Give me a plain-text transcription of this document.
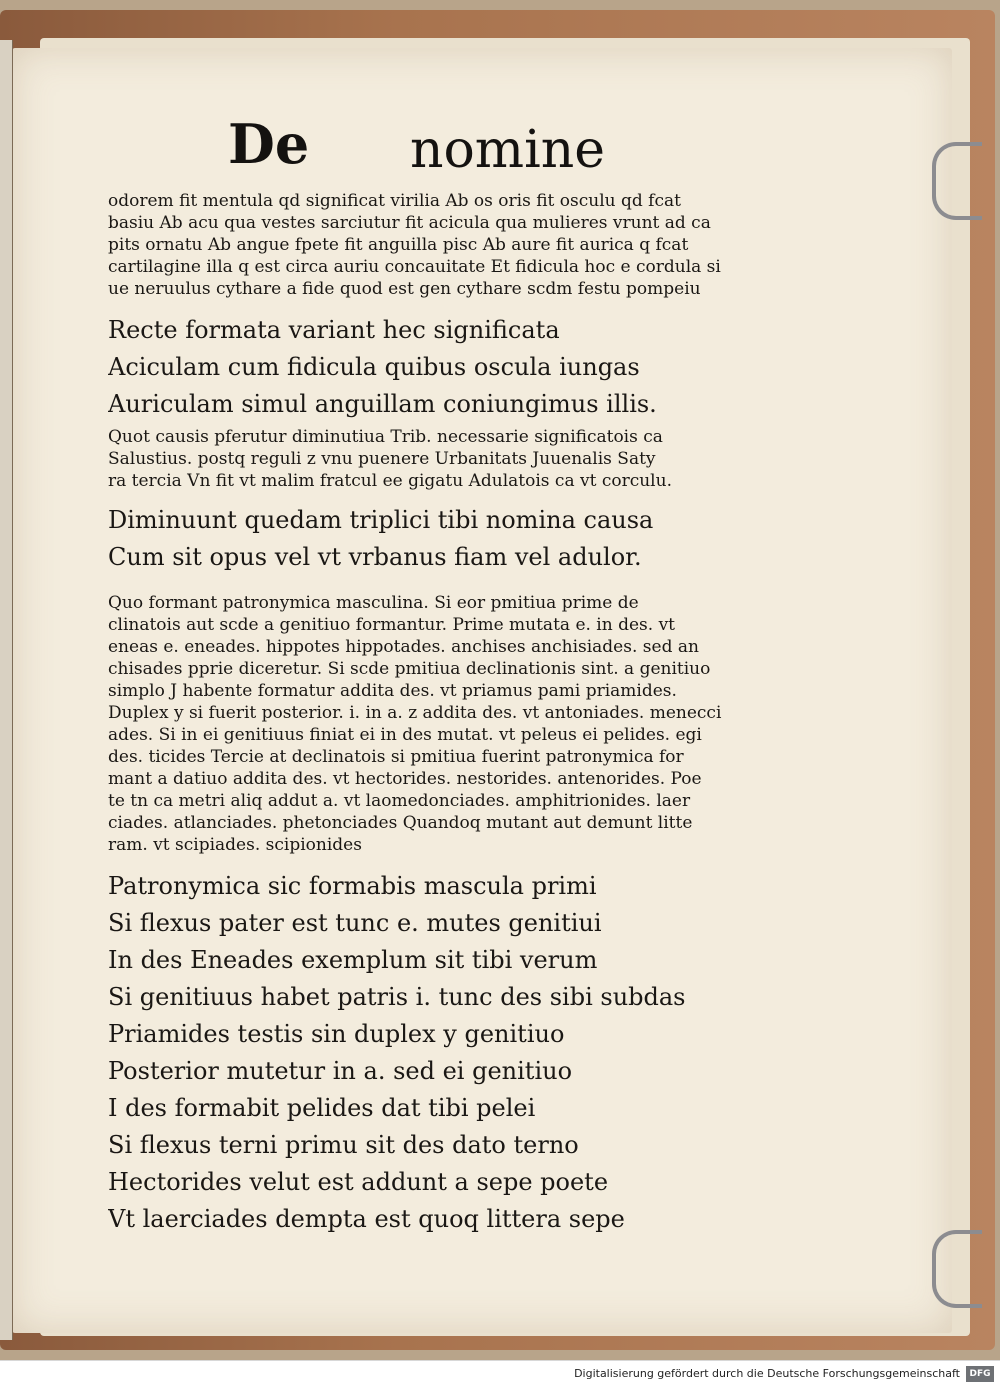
De nomine
odorem fit mentula qd significat virilia Ab os oris fit osculu qd fcat
basiu Ab acu qua vestes sarciutur fit acicula qua mulieres vrunt ad ca
pits ornatu Ab angue fpete fit anguilla pisc Ab aure fit aurica q fcat
cartilagine illa q est circa auriu concauitate Et fidicula hoc e cordula si
ue neruulus cythare a fide quod est gen cythare scdm festu pompeiu
Recte formata variant hec significata
Aciculam cum fidicula quibus oscula iungas
Auriculam simul anguillam coniungimus illis.
Quot causis pferutur diminutiua Trib. necessarie significatois ca
Salustius. postq reguli z vnu puenere Urbanitats Juuenalis Saty
ra tercia Vn fit vt malim fratcul ee gigatu Adulatois ca vt corculu.
Diminuunt quedam triplici tibi nomina causa
Cum sit opus vel vt vrbanus fiam vel adulor.
Quo formant patronymica masculina. Si eor pmitiua prime de
clinatois aut scde a genitiuo formantur. Prime mutata e. in des. vt
eneas e. eneades. hippotes hippotades. anchises anchisiades. sed an
chisades pprie diceretur. Si scde pmitiua declinationis sint. a genitiuo
simplo J habente formatur addita des. vt priamus pami priamides.
Duplex y si fuerit posterior. i. in a. z addita des. vt antoniades. menecci
ades. Si in ei genitiuus finiat ei in des mutat. vt peleus ei pelides. egi
des. ticides Tercie at declinatois si pmitiua fuerint patronymica for
mant a datiuo addita des. vt hectorides. nestorides. antenorides. Poe
te tn ca metri aliq addut a. vt laomedonciades. amphitrionides. laer
ciades. atlanciades. phetonciades Quandoq mutant aut demunt litte
ram. vt scipiades. scipionides
Patronymica sic formabis mascula primi
Si flexus pater est tunc e. mutes genitiui
In des Eneades exemplum sit tibi verum
Si genitiuus habet patris i. tunc des sibi subdas
Priamides testis sin duplex y genitiuo
Posterior mutetur in a. sed ei genitiuo
I des formabit pelides dat tibi pelei
Si flexus terni primu sit des dato terno
Hectorides velut est addunt a sepe poete
Vt laerciades dempta est quoq littera sepe
Digitalisierung gefördert durch die Deutsche Forschungsgemeinschaft	DFG
